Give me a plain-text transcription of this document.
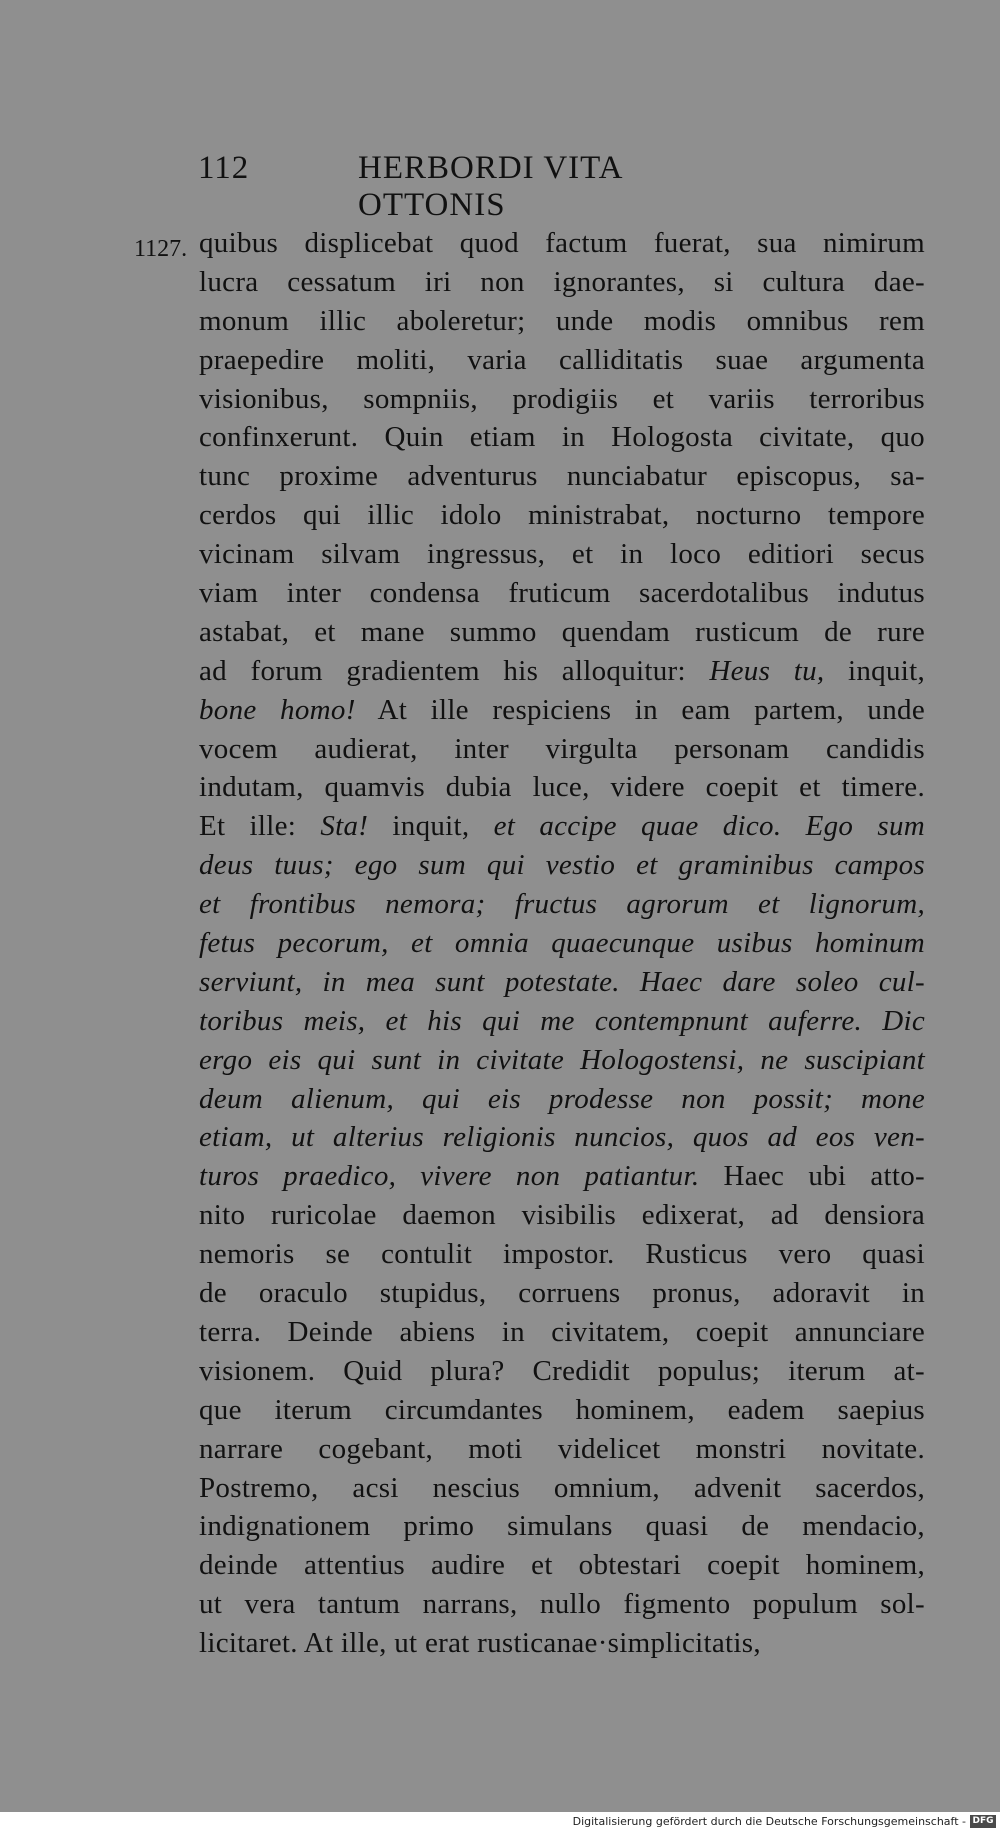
112	HERBORDI VITA OTTONIS
1127. quibus displicebat quod factum fuerat, sua nimirum
lucra cessatum iri non ignorantes, si cultura dae-
monum illic aboleretur; unde modis omnibus rem
praepedire moliti, varia calliditatis suae argumenta
visionibus, sompniis, prodigiis et variis terroribus
confinxerunt. Quin etiam in Hologosta civitate, quo
tunc proxime adventurus nunciabatur episcopus, sa-
cerdos qui illic idolo ministrabat, nocturno tempore
vicinam silvam ingressus, et in loco editiori secus
viam inter condensa fruticum sacerdotalibus indutus
astabat, et mane summo quendam rusticum de rure
ad forum gradientem his alloquitur: Heus tu, inquit,
bone homo! At ille respiciens in eam partem, unde
vocem audierat, inter virgulta personam candidis
indutam, quamvis dubia luce, videre coepit et timere.
Et ille: Sta! inquit, et accipe quae dico. Ego sum
deus tuus; ego sum qui vestio et graminibus campos
et frontibus nemora; fructus agrorum et lignorum,
fetus pecorum, et omnia quaecunque usibus hominum
serviunt, in mea sunt potestate. Haec dare soleo cul-
toribus meis, et his qui me contempnunt auferre. Dic
ergo eis qui sunt in civitate Hologostensi, ne suscipiant
deum alienum, qui eis prodesse non possit; mone
etiam, ut alterius religionis nuncios, quos ad eos ven-
turos praedico, vivere non patiantur. Haec ubi atto-
nito ruricolae daemon visibilis edixerat, ad densiora
nemoris se contulit impostor. Rusticus vero quasi
de oraculo stupidus, corruens pronus, adoravit in
terra. Deinde abiens in civitatem, coepit annunciare
visionem. Quid plura? Credidit populus; iterum at-
que iterum circumdantes hominem, eadem saepius
narrare cogebant, moti videlicet monstri novitate.
Postremo, acsi nescius omnium, advenit sacerdos,
indignationem primo simulans quasi de mendacio,
deinde attentius audire et obtestari coepit hominem,
ut vera tantum narrans, nullo figmento populum sol-
licitaret. At ille, ut erat rusticanae·simplicitatis,
Digitalisierung gefördert durch die Deutsche Forschungsgemeinschaft - DFG
